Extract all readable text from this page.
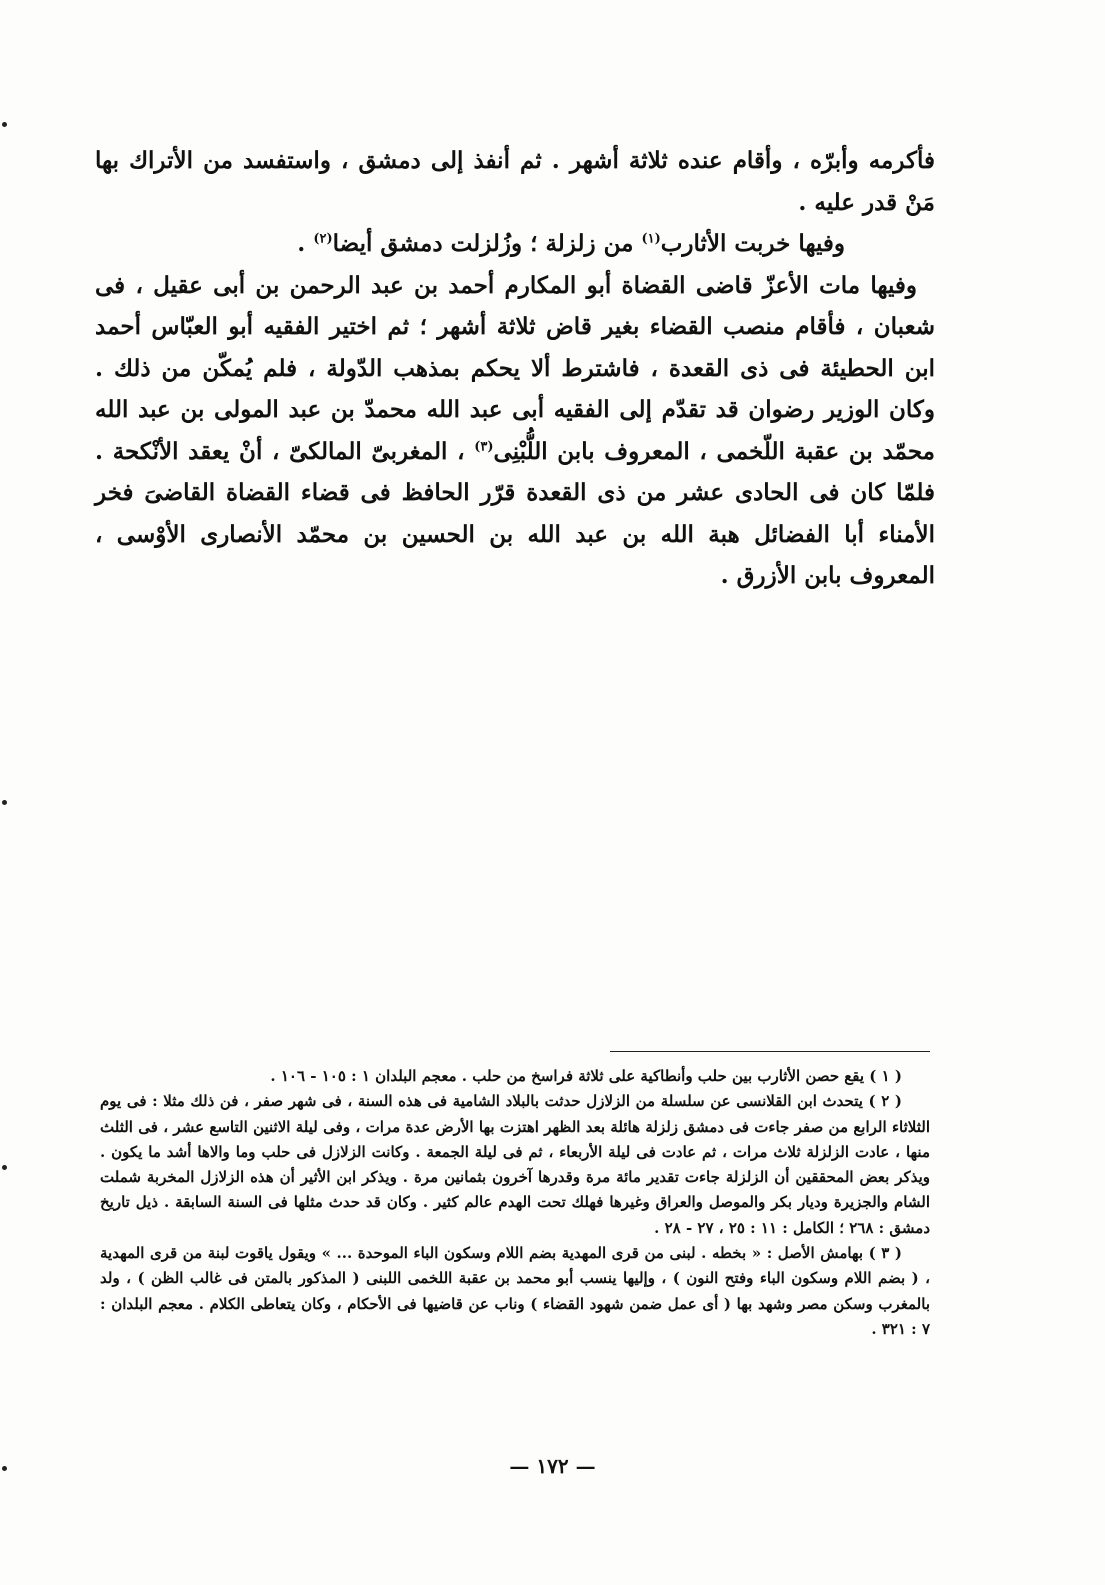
فأكرمه وأبرّه ، وأقام عنده ثلاثة أشهر . ثم أنفذ إلى دمشق ، واستفسد من الأتراك بها مَنْ قدر عليه .

وفيها خربت الأثارب$^{(١)}$ من زلزلة ؛ وزُلزلت دمشق أيضا$^{(٢)}$ .

وفيها مات الأعزّ قاضى القضاة أبو المكارم أحمد بن عبد الرحمن بن أبى عقيل ، فى شعبان ، فأقام منصب القضاء بغير قاض ثلاثة أشهر ؛ ثم اختير الفقيه أبو العبّاس أحمد ابن الحطيئة فى ذى القعدة ، فاشترط ألا يحكم بمذهب الدّولة ، فلم يُمكّن من ذلك . وكان الوزير رضوان قد تقدّم إلى الفقيه أبى عبد الله محمدّ بن عبد المولى بن عبد الله محمّد بن عقبة اللّخمى ، المعروف بابن اللُّبْنِى$^{(٣)}$ ، المغربىّ المالكىّ ، أنْ يعقد الأنْكحة . فلمّا كان فى الحادى عشر من ذى القعدة قرّر الحافظ فى قضاء القضاة القاضىَ فخر الأمناء أبا الفضائل هبة الله بن عبد الله بن الحسين بن محمّد الأنصارى الأوْسى ، المعروف بابن الأزرق .

( ١ ) يقع حصن الأثارب بين حلب وأنطاكية على ثلاثة فراسخ من حلب . معجم البلدان ١ : ١٠٥ - ١٠٦ .

( ٢ ) يتحدث ابن القلانسى عن سلسلة من الزلازل حدثت بالبلاد الشامية فى هذه السنة ، فى شهر صفر ، فن ذلك مثلا : فى يوم الثلاثاء الرابع من صفر جاءت فى دمشق زلزلة هائلة بعد الظهر اهتزت بها الأرض عدة مرات ، وفى ليلة الاثنين التاسع عشر ، فى الثلث منها ، عادت الزلزلة ثلاث مرات ، ثم عادت فى ليلة الأربعاء ، ثم فى ليلة الجمعة . وكانت الزلازل فى حلب وما والاها أشد ما يكون . ويذكر بعض المحققين أن الزلزلة جاءت تقدير مائة مرة وقدرها آخرون بثمانين مرة . ويذكر ابن الأثير أن هذه الزلازل المخربة شملت الشام والجزيرة وديار بكر والموصل والعراق وغيرها فهلك تحت الهدم عالم كثير . وكان قد حدث مثلها فى السنة السابقة . ذيل تاريخ دمشق : ٢٦٨ ؛ الكامل : ١١ : ٢٥ ، ٢٧ - ٢٨ .

( ٣ ) بهامش الأصل : « بخطه . لبنى من قرى المهدية بضم اللام وسكون الباء الموحدة ... » ويقول ياقوت لبنة من قرى المهدية ، ( بضم اللام وسكون الباء وفتح النون ) ، وإليها ينسب أبو محمد بن عقبة اللخمى اللبنى ( المذكور بالمتن فى غالب الظن ) ، ولد بالمغرب وسكن مصر وشهد بها ( أى عمل ضمن شهود القضاء ) وناب عن قاضيها فى الأحكام ، وكان يتعاطى الكلام . معجم البلدان : ٧ : ٣٢١ .

— ١٧٢ —
